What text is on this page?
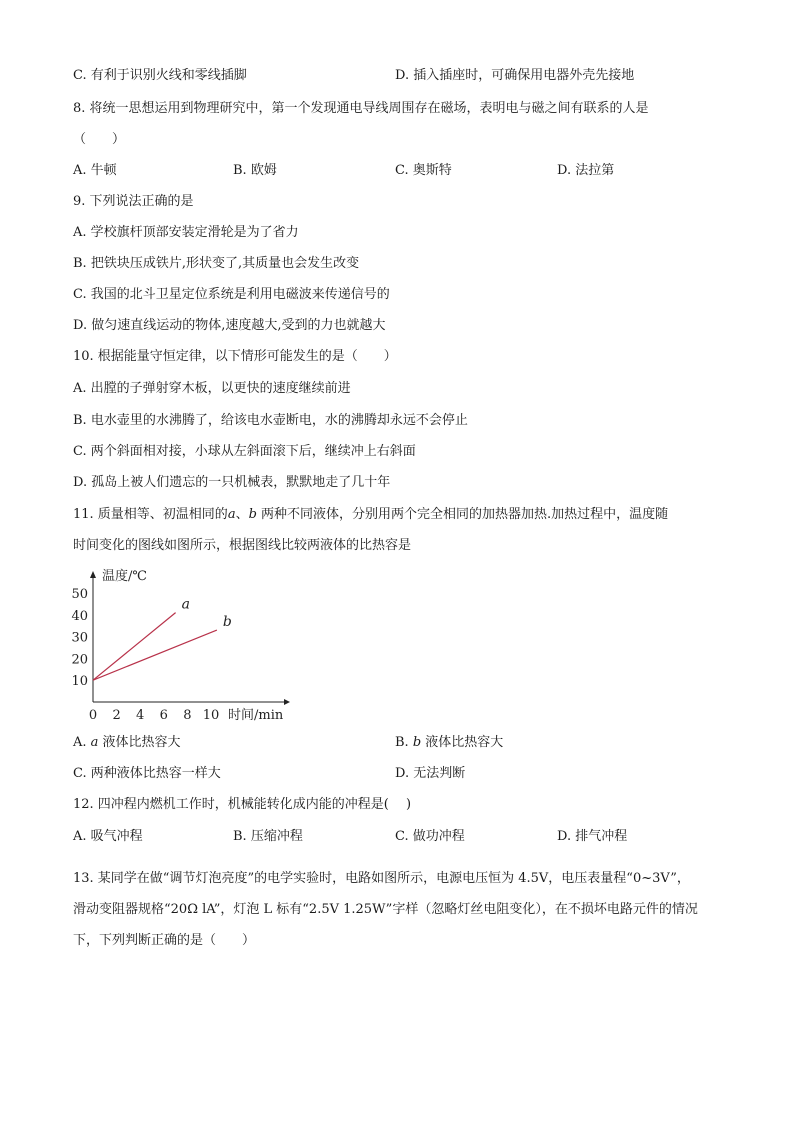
C. 有利于识别火线和零线插脚	D. 插入插座时，可确保用电器外壳先接地
8. 将统一思想运用到物理研究中，第一个发现通电导线周围存在磁场，表明电与磁之间有联系的人是
（　　）
A. 牛顿	B. 欧姆	C. 奥斯特	D. 法拉第
9. 下列说法正确的是
A. 学校旗杆顶部安装定滑轮是为了省力
B. 把铁块压成铁片,形状变了,其质量也会发生改变
C. 我国的北斗卫星定位系统是利用电磁波来传递信号的
D. 做匀速直线运动的物体,速度越大,受到的力也就越大
10. 根据能量守恒定律，以下情形可能发生的是（　　）
A. 出膛的子弹射穿木板，以更快的速度继续前进
B. 电水壶里的水沸腾了，给该电水壶断电，水的沸腾却永远不会停止
C. 两个斜面相对接，小球从左斜面滚下后，继续冲上右斜面
D. 孤岛上被人们遗忘的一只机械表，默默地走了几十年
11. 质量相等、初温相同的a、b 两种不同液体，分别用两个完全相同的加热器加热.加热过程中，温度随
时间变化的图线如图所示，根据图线比较两液体的比热容是
温度/℃
时间/min
0 2 4 6 8 10
10
20
30
40
50
a
b
A. a 液体比热容大	B. b 液体比热容大
C. 两种液体比热容一样大	D. 无法判断
12. 四冲程内燃机工作时，机械能转化成内能的冲程是(　 )
A. 吸气冲程	B. 压缩冲程	C. 做功冲程	D. 排气冲程
13. 某同学在做“调节灯泡亮度”的电学实验时，电路如图所示，电源电压恒为 4.5V，电压表量程“0~3V”，
滑动变阻器规格“20Ω lA”，灯泡 L 标有“2.5V 1.25W”字样（忽略灯丝电阻变化），在不损坏电路元件的情况
下，下列判断正确的是（　　）
